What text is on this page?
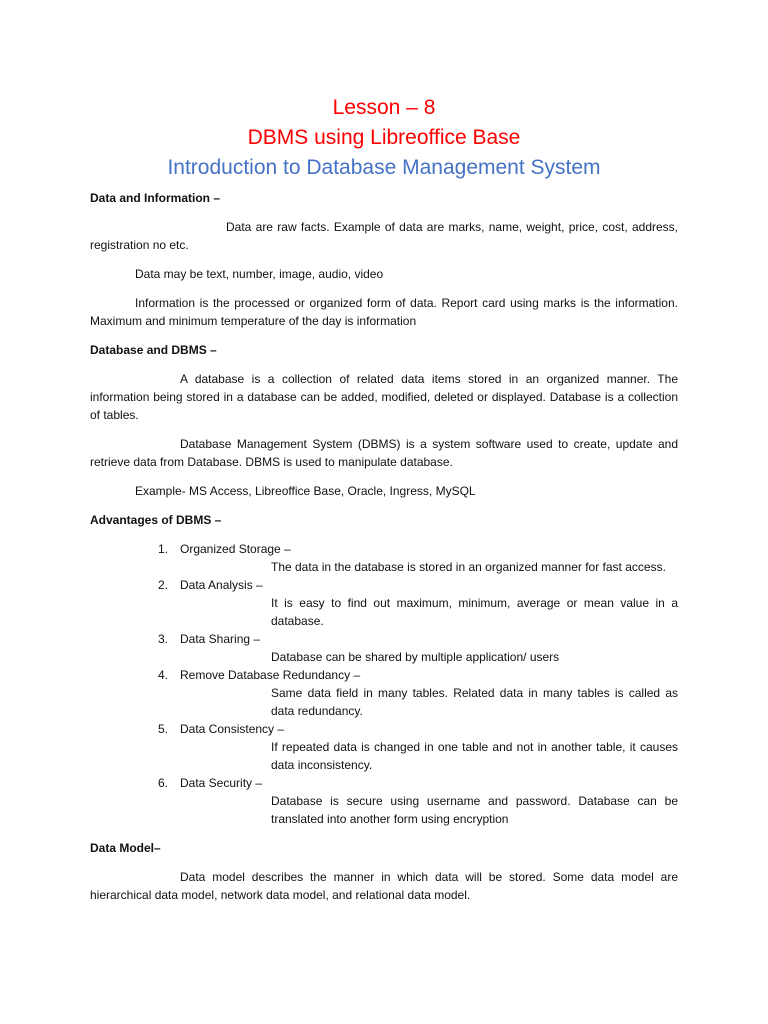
Lesson – 8
DBMS using Libreoffice Base
Introduction to Database Management System
Data and Information –

Data are raw facts. Example of data are marks, name, weight, price, cost, address, registration no etc.

Data may be text, number, image, audio, video

Information is the processed or organized form of data. Report card using marks is the information. Maximum and minimum temperature of the day is information

Database and DBMS –

A database is a collection of related data items stored in an organized manner. The information being stored in a database can be added, modified, deleted or displayed. Database is a collection of tables.

Database Management System (DBMS) is a system software used to create, update and retrieve data from Database. DBMS is used to manipulate database.

Example- MS Access, Libreoffice Base, Oracle, Ingress, MySQL

Advantages of DBMS –
1. Organized Storage –
The data in the database is stored in an organized manner for fast access.
2. Data Analysis –
It is easy to find out maximum, minimum, average or mean value in a database.
3. Data Sharing –
Database can be shared by multiple application/ users
4. Remove Database Redundancy –
Same data field in many tables. Related data in many tables is called as data redundancy.
5. Data Consistency –
If repeated data is changed in one table and not in another table, it causes data inconsistency.
6. Data Security –
Database is secure using username and password. Database can be translated into another form using encryption
Data Model–

Data model describes the manner in which data will be stored. Some data model are hierarchical data model, network data model, and relational data model.
